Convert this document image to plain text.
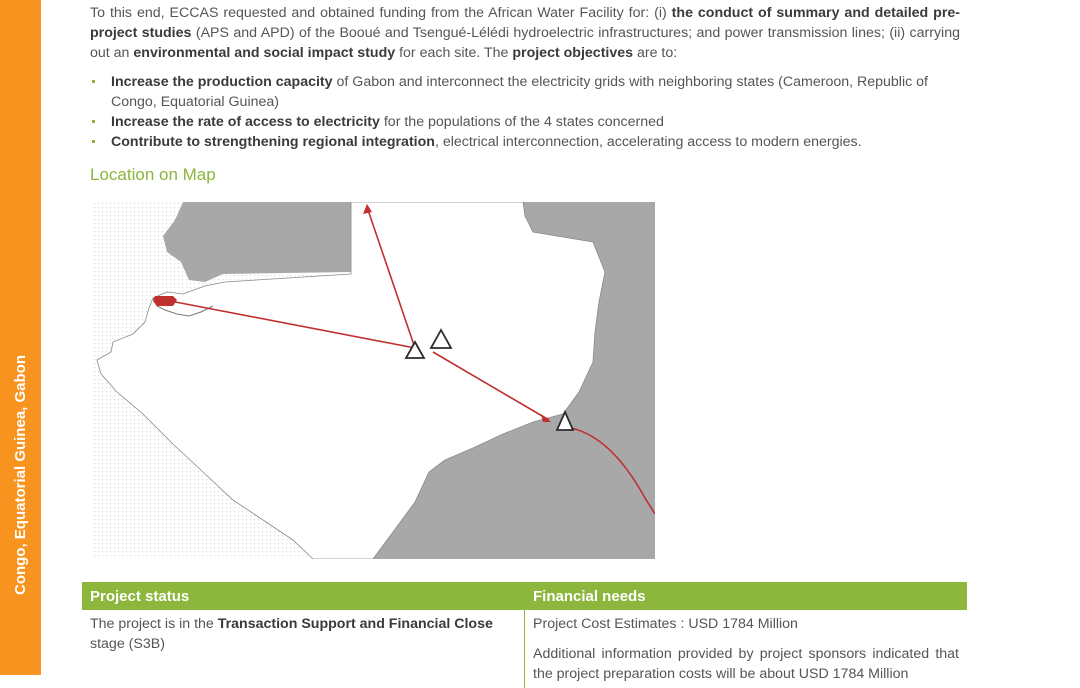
Congo, Equatorial Guinea, Gabon

To this end, ECCAS requested and obtained funding from the African Water Facility for: (i) the conduct of summary and detailed pre-project studies (APS and APD) of the Booué and Tsengué-Lélédi hydroelectric infrastructures; and power transmission lines; (ii) carrying out an environmental and social impact study for each site. The project objectives are to:

Increase the production capacity of Gabon and interconnect the electricity grids with neighboring states (Cameroon, Republic of Congo, Equatorial Guinea)
Increase the rate of access to electricity for the populations of the 4 states concerned
Contribute to strengthening regional integration, electrical interconnection, accelerating access to modern energies.
Location on Map
Project status	Financial needs
The project is in the Transaction Support and Financial Close stage (S3B)	Project Cost Estimates : USD 1784 Million

Additional information provided by project sponsors indicated that the project preparation costs will be about USD 1784 Million
